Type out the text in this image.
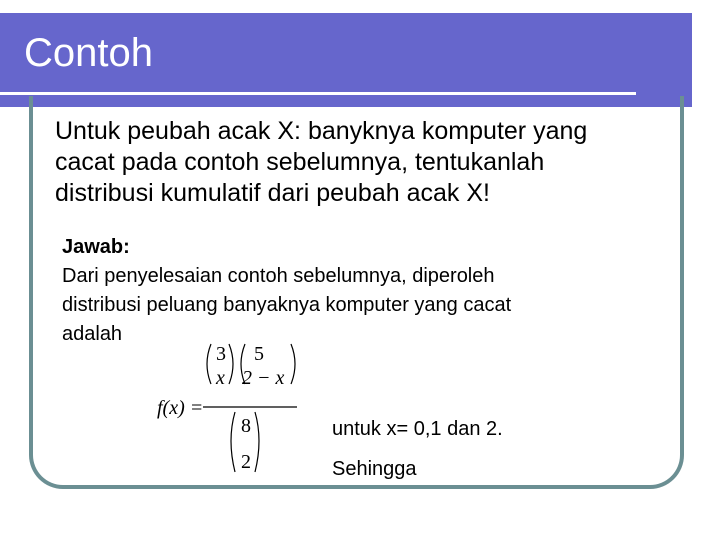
Contoh
Untuk peubah acak X: banyknya komputer yang
cacat pada contoh sebelumnya, tentukanlah
distribusi kumulatif dari peubah acak X!
Jawab:
Dari penyelesaian contoh sebelumnya, diperoleh
distribusi peluang banyaknya komputer yang cacat
adalah
f(x) =
3
x
5
2 − x
8
2
untuk x= 0,1 dan 2.
Sehingga
